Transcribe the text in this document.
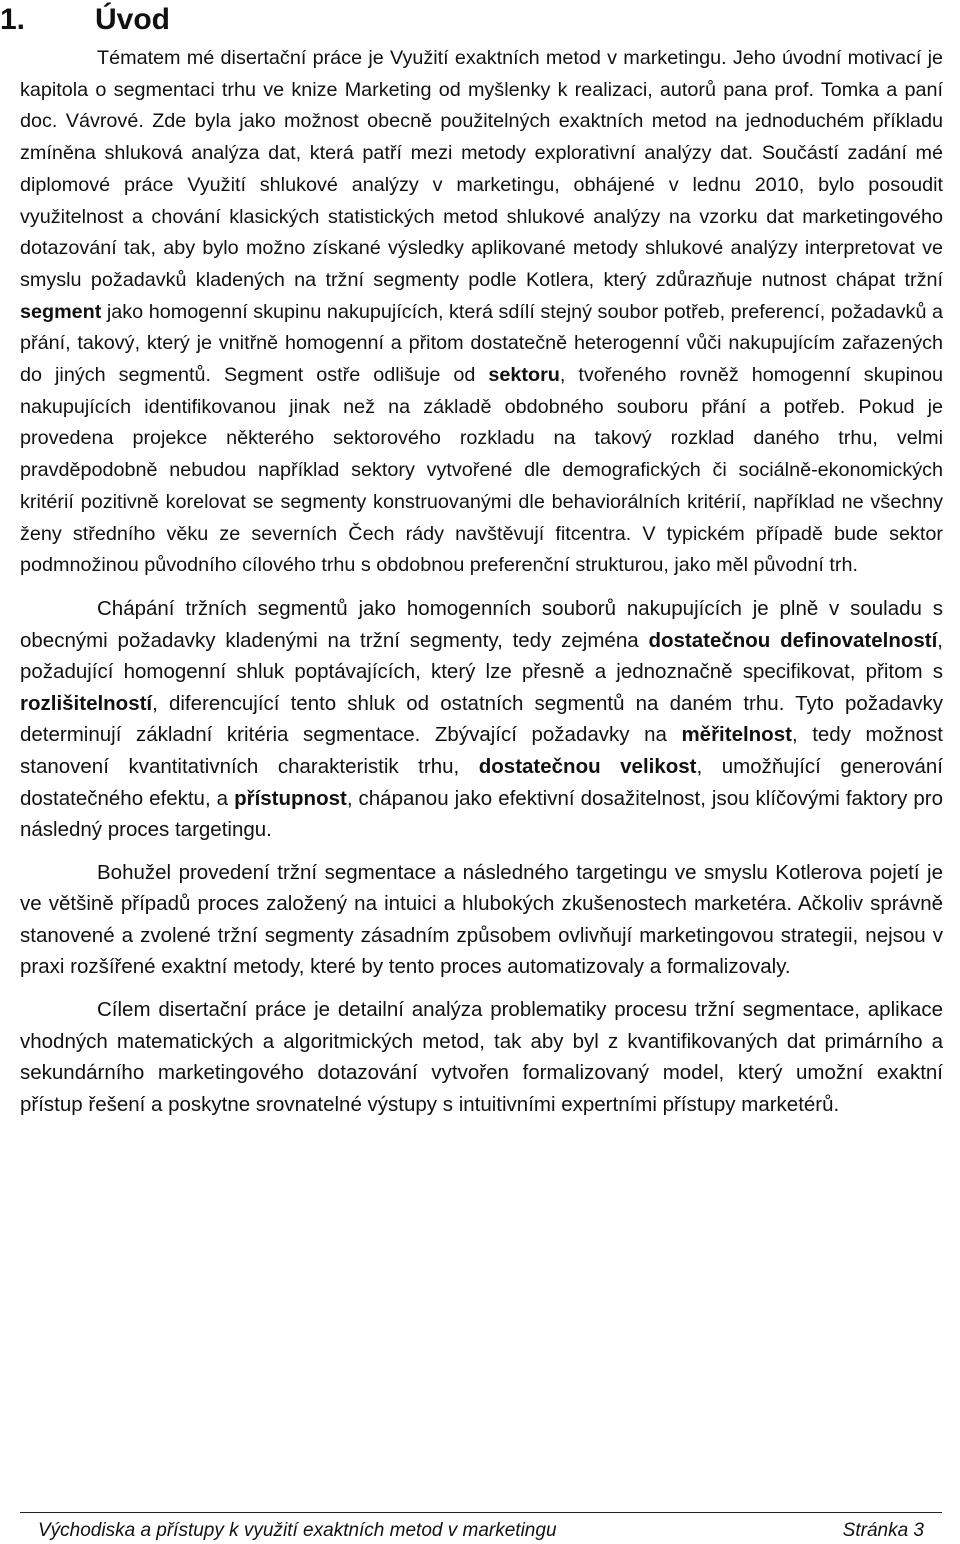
1. Úvod

Tématem mé disertační práce je Využití exaktních metod v marketingu. Jeho úvodní motivací je kapitola o segmentaci trhu ve knize Marketing od myšlenky k realizaci, autorů pana prof. Tomka a paní doc. Vávrové. Zde byla jako možnost obecně použitelných exaktních metod na jednoduchém příkladu zmíněna shluková analýza dat, která patří mezi metody explorativní analýzy dat. Součástí zadání mé diplomové práce Využití shlukové analýzy v marketingu, obhájené v lednu 2010, bylo posoudit využitelnost a chování klasických statistických metod shlukové analýzy na vzorku dat marketingového dotazování tak, aby bylo možno získané výsledky aplikované metody shlukové analýzy interpretovat ve smyslu požadavků kladených na tržní segmenty podle Kotlera, který zdůrazňuje nutnost chápat tržní segment jako homogenní skupinu nakupujících, která sdílí stejný soubor potřeb, preferencí, požadavků a přání, takový, který je vnitřně homogenní a přitom dostatečně heterogenní vůči nakupujícím zařazených do jiných segmentů. Segment ostře odlišuje od sektoru, tvořeného rovněž homogenní skupinou nakupujících identifikovanou jinak než na základě obdobného souboru přání a potřeb. Pokud je provedena projekce některého sektorového rozkladu na takový rozklad daného trhu, velmi pravděpodobně nebudou například sektory vytvořené dle demografických či sociálně-ekonomických kritérií pozitivně korelovat se segmenty konstruovanými dle behaviorálních kritérií, například ne všechny ženy středního věku ze severních Čech rády navštěvují fitcentra. V typickém případě bude sektor podmnožinou původního cílového trhu s obdobnou preferenční strukturou, jako měl původní trh.

Chápání tržních segmentů jako homogenních souborů nakupujících je plně v souladu s obecnými požadavky kladenými na tržní segmenty, tedy zejména dostatečnou definovatelností, požadující homogenní shluk poptávajících, který lze přesně a jednoznačně specifikovat, přitom s rozlišitelností, diferencující tento shluk od ostatních segmentů na daném trhu. Tyto požadavky determinují základní kritéria segmentace. Zbývající požadavky na měřitelnost, tedy možnost stanovení kvantitativních charakteristik trhu, dostatečnou velikost, umožňující generování dostatečného efektu, a přístupnost, chápanou jako efektivní dosažitelnost, jsou klíčovými faktory pro následný proces targetingu.

Bohužel provedení tržní segmentace a následného targetingu ve smyslu Kotlerova pojetí je ve většině případů proces založený na intuici a hlubokých zkušenostech marketéra. Ačkoliv správně stanovené a zvolené tržní segmenty zásadním způsobem ovlivňují marketingovou strategii, nejsou v praxi rozšířené exaktní metody, které by tento proces automatizovaly a formalizovaly.

Cílem disertační práce je detailní analýza problematiky procesu tržní segmentace, aplikace vhodných matematických a algoritmických metod, tak aby byl z kvantifikovaných dat primárního a sekundárního marketingového dotazování vytvořen formalizovaný model, který umožní exaktní přístup řešení a poskytne srovnatelné výstupy s intuitivními expertními přístupy marketérů.

Východiska a přístupy k využití exaktních metod v marketingu	Stránka 3
